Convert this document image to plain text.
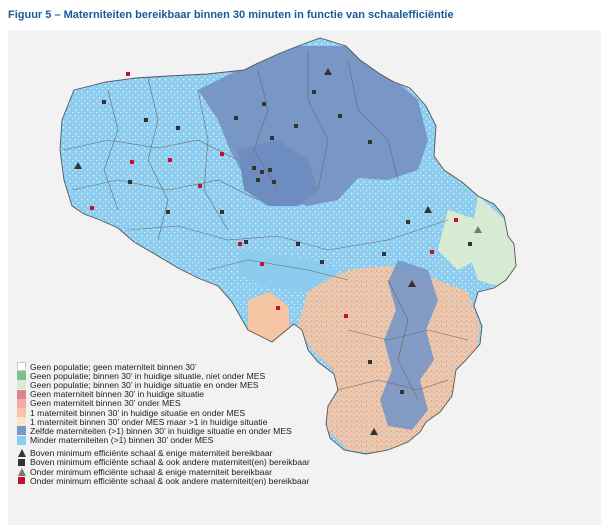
Figuur 5 – Materniteiten bereikbaar binnen 30 minuten in functie van schaalefficiëntie
Geen populatie; geen materniteit binnen 30’
Geen populatie; binnen 30’ in huidige situatie, niet onder MES
Geen populatie; binnen 30’ in huidige situatie en onder MES
Geen materniteit binnen 30’ in huidige situatie
Geen materniteit binnen 30’ onder MES
1 materniteit binnen 30’ in huidige situatie en onder MES
1 materniteit binnen 30’ onder MES maar >1 in huidige situatie
Zelfde materniteiten (>1) binnen 30’ in huidige situatie en onder MES
Minder materniteiten (>1) binnen 30’ onder MES
Boven minimum efficiënte schaal & enige materniteit bereikbaar
Boven minimum efficiënte schaal & ook andere materniteit(en) bereikbaar
Onder minimum efficiënte schaal & enige materniteit bereikbaar
Onder minimum efficiënte schaal & ook andere materniteit(en) bereikbaar
